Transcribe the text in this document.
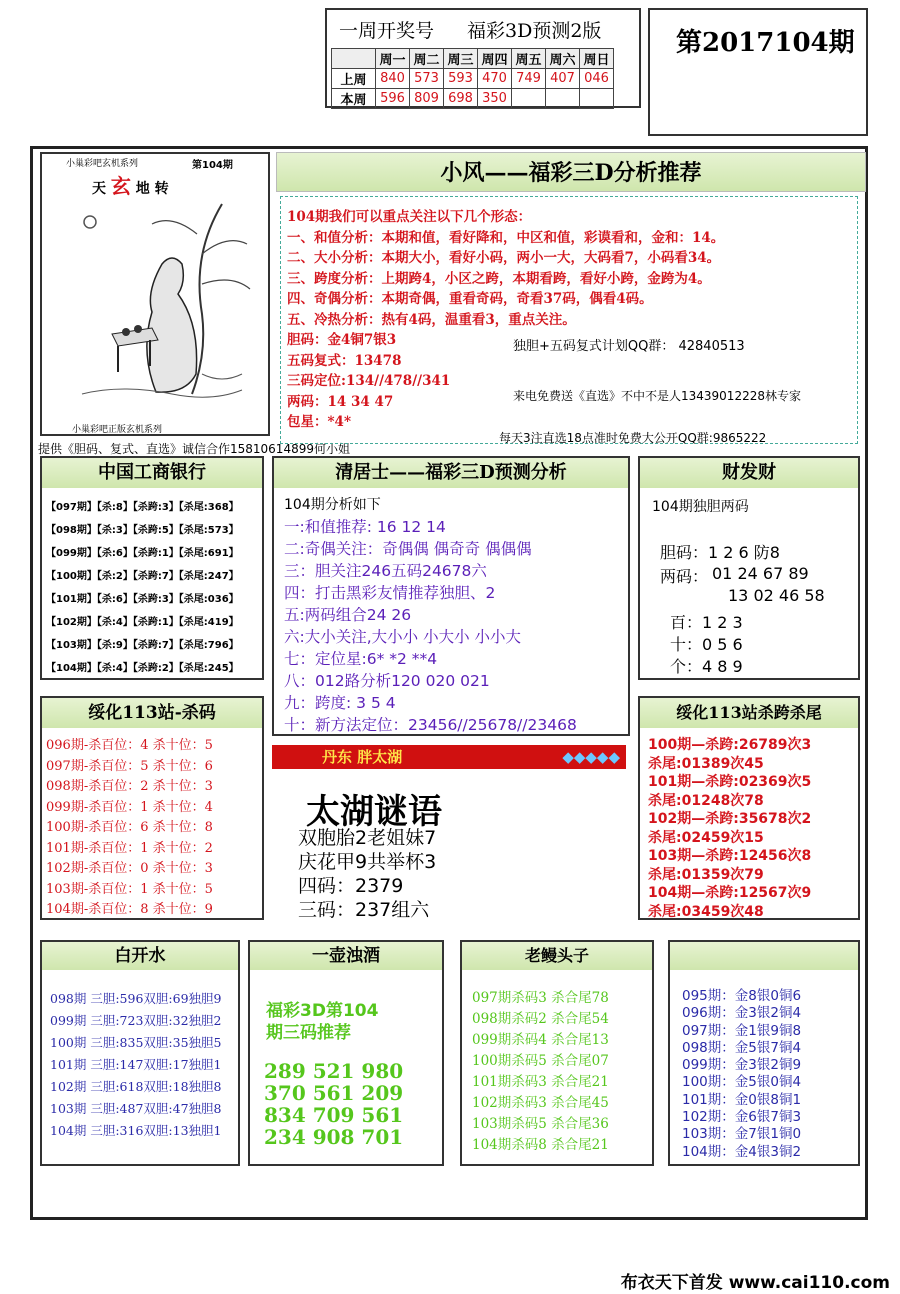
一周开奖号 福彩3D预测2版
	周一	周二	周三	周四	周五	周六	周日
上周	840	573	593	470	749	407	046
本周	596	809	698	350			
第2017104期
小巢彩吧玄机系列	第104期
天 玄 地 转
小巢彩吧正版玄机系列
提供《胆码、复式、直选》诚信合作15810614899何小姐
小风——福彩三D分析推荐
104期我们可以重点关注以下几个形态：
一、和值分析：本期和值，看好降和，中区和值，彩谟看和，金和：14。
二、大小分析：本期大小，看好小码，两小一大，大码看7，小码看34。
三、跨度分析：上期跨4，小区之跨，本期看跨，看好小跨，金跨为4。
四、奇偶分析：本期奇偶，重看奇码，奇看37码，偶看4码。
五、冷热分析：热有4码，温重看3，重点关注。
胆码：金4铜7银3
五码复式：13478
三码定位:134//478//341
两码：14 34 47
包星：*4*
独胆+五码复式计划QQ群： 42840513
来电免费送《直选》不中不是人13439012228林专家
每天3注直选18点准时免费大公开QQ群:9865222
中国工商银行
【097期】【杀:8】【杀跨:3】【杀尾:368】
【098期】【杀:3】【杀跨:5】【杀尾:573】
【099期】【杀:6】【杀跨:1】【杀尾:691】
【100期】【杀:2】【杀跨:7】【杀尾:247】
【101期】【杀:6】【杀跨:3】【杀尾:036】
【102期】【杀:4】【杀跨:1】【杀尾:419】
【103期】【杀:9】【杀跨:7】【杀尾:796】
【104期】【杀:4】【杀跨:2】【杀尾:245】
清居士——福彩三D预测分析
104期分析如下
一:和值推荐: 16 12 14
二:奇偶关注：奇偶偶 偶奇奇 偶偶偶
三：胆关注246五码24678六
四：打击黑彩友情推荐独胆、2
五:两码组合24 26
六:大小关注,大小小 小大小 小小大
七：定位星:6* *2 **4
八：012路分析120 020 021
九：跨度: 3 5 4
十：新方法定位：23456//25678//23468
财发财
104期独胆两码
胆码：1 2 6 防8
两码： 01 24 67 89
13 02 46 58
百：1 2 3
十：0 5 6
个：4 8 9
绥化113站-杀码
096期-杀百位：4 杀十位：5
097期-杀百位：5 杀十位：6
098期-杀百位：2 杀十位：3
099期-杀百位：1 杀十位：4
100期-杀百位：6 杀十位：8
101期-杀百位：1 杀十位：2
102期-杀百位：0 杀十位：3
103期-杀百位：1 杀十位：5
104期-杀百位：8 杀十位：9
丹东 胖太湖	◆◆◆◆◆
太湖谜语
双胞胎2老姐妹7
庆花甲9共举杯3
四码：2379
三码：237组六
绥化113站杀跨杀尾
100期—杀跨:26789次3
杀尾:01389次45
101期—杀跨:02369次5
杀尾:01248次78
102期—杀跨:35678次2
杀尾:02459次15
103期—杀跨:12456次8
杀尾:01359次79
104期—杀跨:12567次9
杀尾:03459次48
白开水
098期 三胆:596双胆:69独胆9
099期 三胆:723双胆:32独胆2
100期 三胆:835双胆:35独胆5
101期 三胆:147双胆:17独胆1
102期 三胆:618双胆:18独胆8
103期 三胆:487双胆:47独胆8
104期 三胆:316双胆:13独胆1
一壶浊酒
福彩3D第104
期三码推荐
289 521 980
370 561 209
834 709 561
234 908 701
老鳗头子
097期杀码3 杀合尾78
098期杀码2 杀合尾54
099期杀码4 杀合尾13
100期杀码5 杀合尾07
101期杀码3 杀合尾21
102期杀码3 杀合尾45
103期杀码5 杀合尾36
104期杀码8 杀合尾21
095期：金8银0铜6
096期：金3银2铜4
097期：金1银9铜8
098期：金5银7铜4
099期：金3银2铜9
100期：金5银0铜4
101期：金0银8铜1
102期：金6银7铜3
103期：金7银1铜0
104期：金4银3铜2
布衣天下首发 www.cai110.com
